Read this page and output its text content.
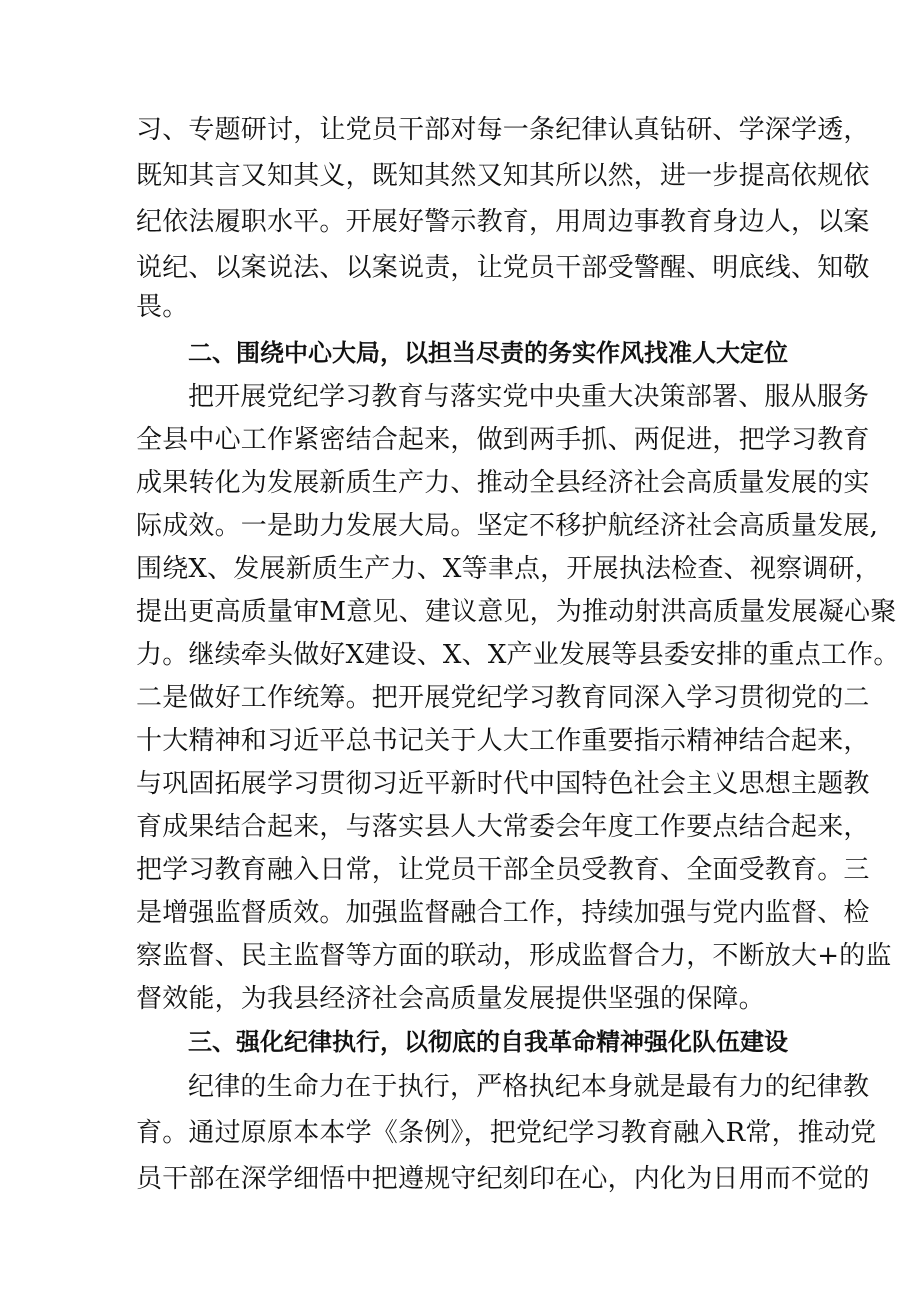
习、专题研讨，让党员干部对每一条纪律认真钻研、学深学透，
既知其言又知其义，既知其然又知其所以然，进一步提高依规依
纪依法履职水平。开展好警示教育，用周边事教育身边人，以案
说纪、以案说法、以案说责，让党员干部受警醒、明底线、知敬
畏。
二、围绕中心大局，以担当尽责的务实作风找准人大定位
把开展党纪学习教育与落实党中央重大决策部署、服从服务
全县中心工作紧密结合起来，做到两手抓、两促进，把学习教育
成果转化为发展新质生产力、推动全县经济社会高质量发展的实
际成效。一是助力发展大局。坚定不移护航经济社会高质量发展,
围绕X、发展新质生产力、X等聿点，开展执法检查、视察调研，
提出更高质量审M意见、建议意见，为推动射洪高质量发展凝心聚
力。继续牵头做好X建设、X、X产业发展等县委安排的重点工作。
二是做好工作统筹。把开展党纪学习教育同深入学习贯彻党的二
十大精神和习近平总书记关于人大工作重要指示精神结合起来，
与巩固拓展学习贯彻习近平新时代中国特色社会主义思想主题教
育成果结合起来，与落实县人大常委会年度工作要点结合起来，
把学习教育融入日常，让党员干部全员受教育、全面受教育。三
是增强监督质效。加强监督融合工作，持续加强与党内监督、检
察监督、民主监督等方面的联动，形成监督合力，不断放大+的监
督效能，为我县经济社会高质量发展提供坚强的保障。
三、强化纪律执行，以彻底的自我革命精神强化队伍建设
纪律的生命力在于执行，严格执纪本身就是最有力的纪律教
育。通过原原本本学《条例》，把党纪学习教育融入R常，推动党
员干部在深学细悟中把遵规守纪刻印在心，内化为日用而不觉的
